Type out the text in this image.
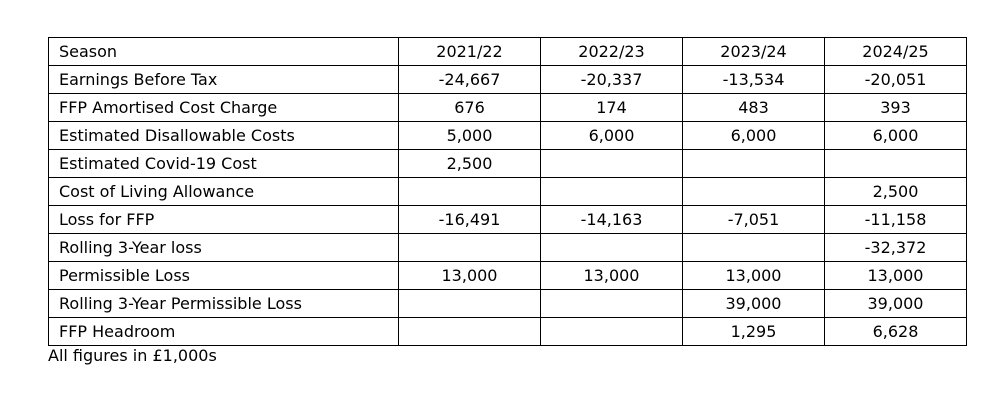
Season	2021/22	2022/23	2023/24	2024/25
Earnings Before Tax	-24,667	-20,337	-13,534	-20,051
FFP Amortised Cost Charge	676	174	483	393
Estimated Disallowable Costs	5,000	6,000	6,000	6,000
Estimated Covid-19 Cost	2,500			
Cost of Living Allowance				2,500
Loss for FFP	-16,491	-14,163	-7,051	-11,158
Rolling 3-Year loss				-32,372
Permissible Loss	13,000	13,000	13,000	13,000
Rolling 3-Year Permissible Loss			39,000	39,000
FFP Headroom			1,295	6,628
All figures in £1,000s
